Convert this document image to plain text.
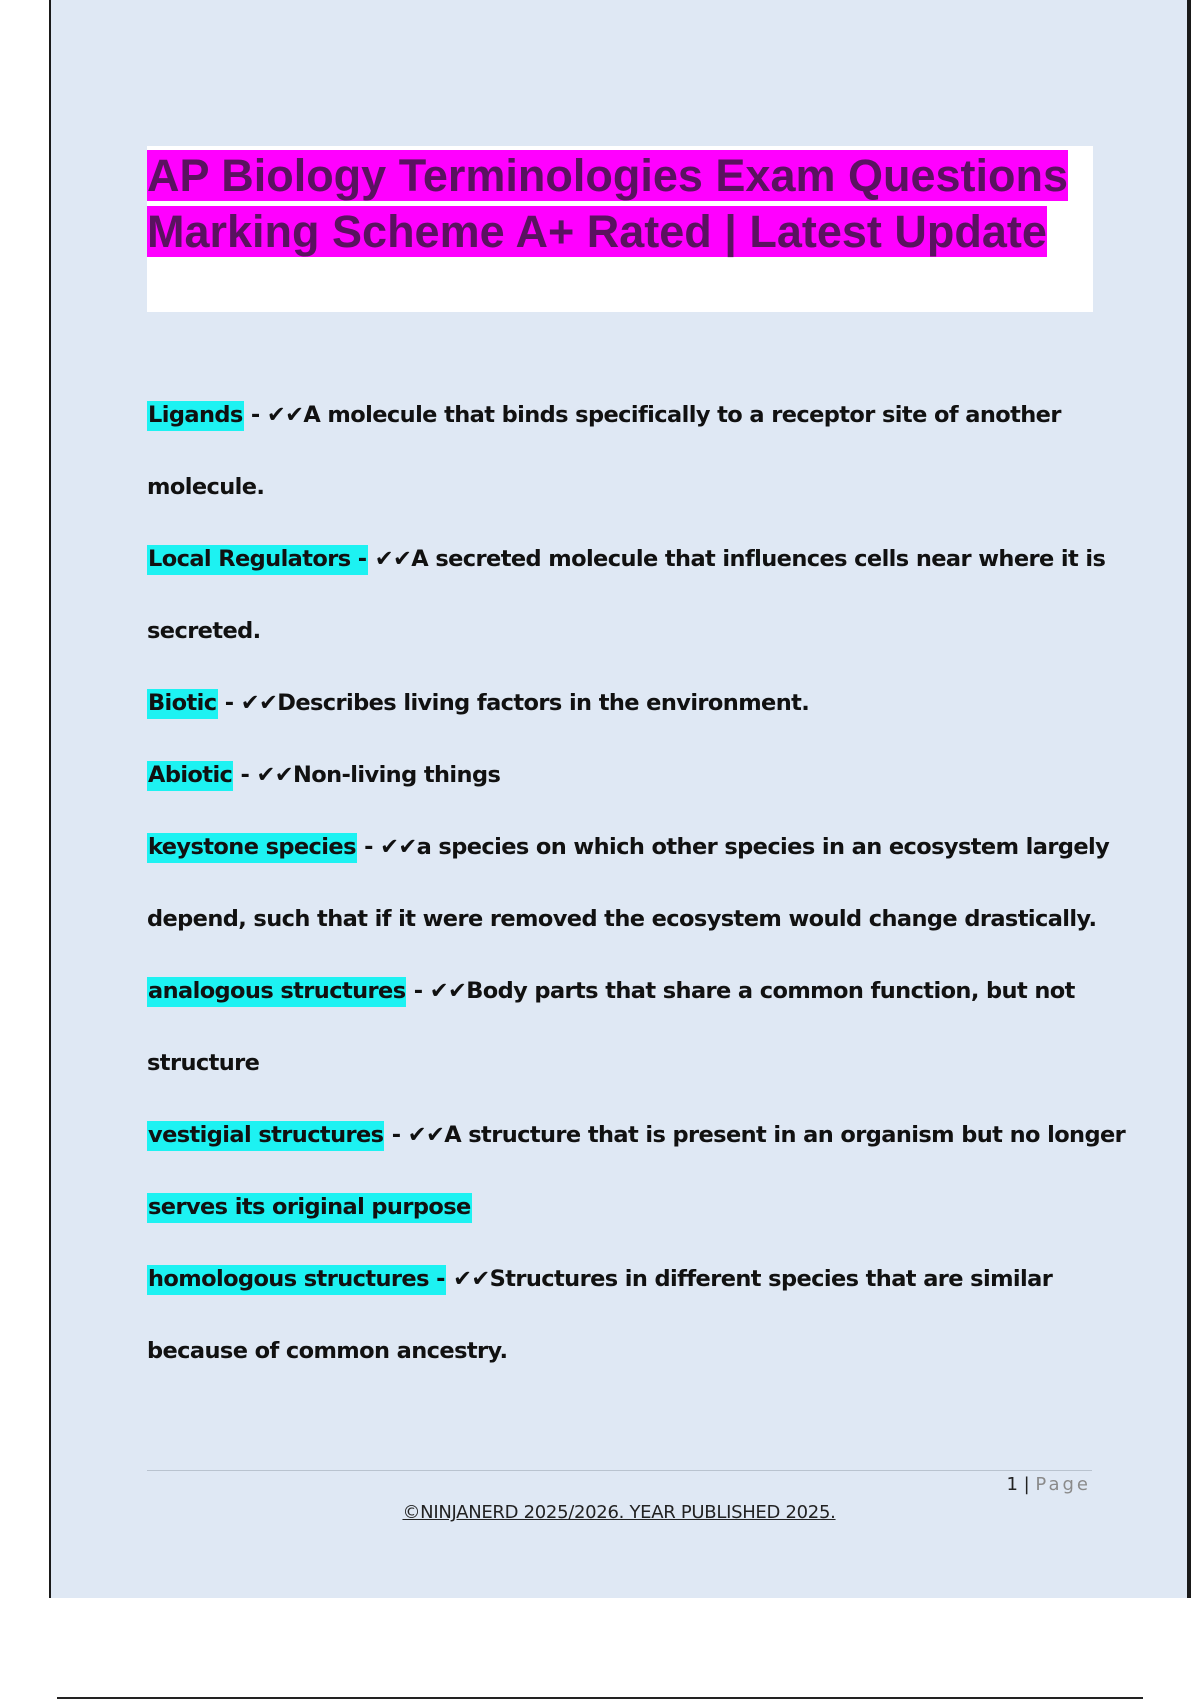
AP Biology Terminologies Exam Questions Marking Scheme A+ Rated | Latest Update

Ligands - ✔✔A molecule that binds specifically to a receptor site of another molecule.

Local Regulators - ✔✔A secreted molecule that influences cells near where it is secreted.

Biotic - ✔✔Describes living factors in the environment.

Abiotic - ✔✔Non-living things

keystone species - ✔✔a species on which other species in an ecosystem largely depend, such that if it were removed the ecosystem would change drastically.

analogous structures - ✔✔Body parts that share a common function, but not structure

vestigial structures - ✔✔A structure that is present in an organism but no longer serves its original purpose

homologous structures - ✔✔Structures in different species that are similar because of common ancestry.

1 | Page
©NINJANERD 2025/2026. YEAR PUBLISHED 2025.
